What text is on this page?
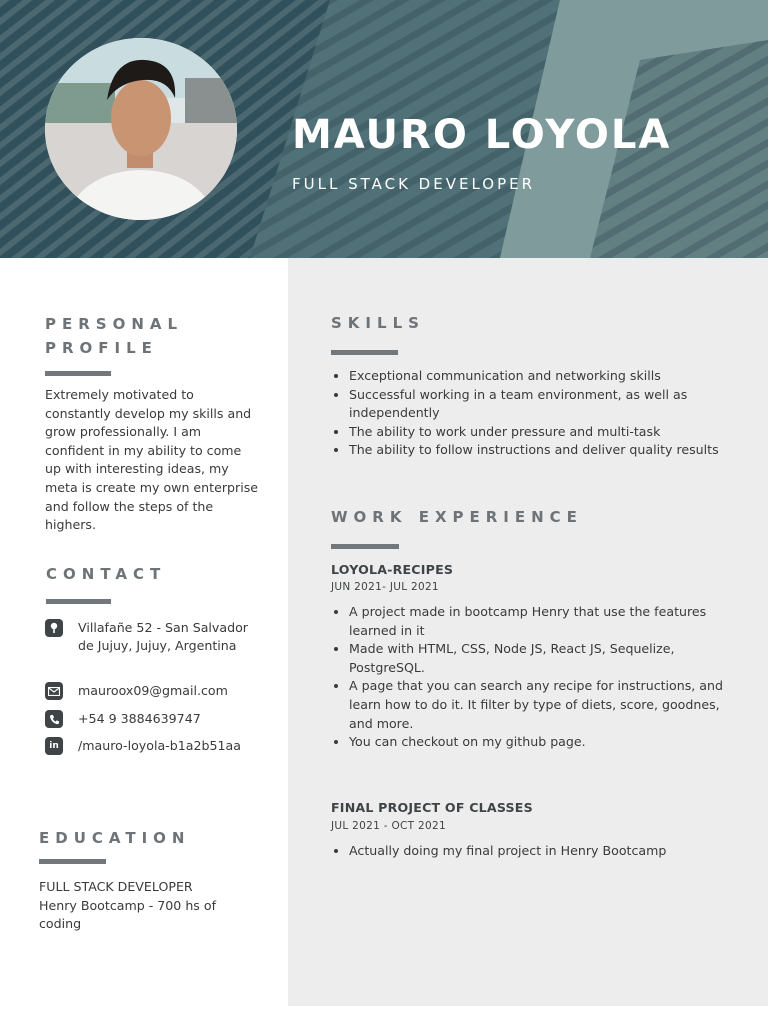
MAURO LOYOLA
FULL STACK DEVELOPER
PERSONAL
PROFILE
Extremely motivated to constantly develop my skills and grow professionally. I am confident in my ability to come up with interesting ideas, my meta is create my own enterprise and follow the steps of the highers.
CONTACT
Villafañe 52 - San Salvador de Jujuy, Jujuy, Argentina
mauroox09@gmail.com
+54 9 3884639747
in /mauro-loyola-b1a2b51aa
EDUCATION
FULL STACK DEVELOPER
Henry Bootcamp - 700 hs of coding
SKILLS
Exceptional communication and networking skills
Successful working in a team environment, as well as independently
The ability to work under pressure and multi-task
The ability to follow instructions and deliver quality results
WORK EXPERIENCE
LOYOLA-RECIPES
JUN 2021- JUL 2021
A project made in bootcamp Henry that use the features learned in it
Made with HTML, CSS, Node JS, React JS, Sequelize, PostgreSQL.
A page that you can search any recipe for instructions, and learn how to do it. It filter by type of diets, score, goodnes, and more.
You can checkout on my github page.
FINAL PROJECT OF CLASSES
JUL 2021 - OCT 2021
Actually doing my final project in Henry Bootcamp
